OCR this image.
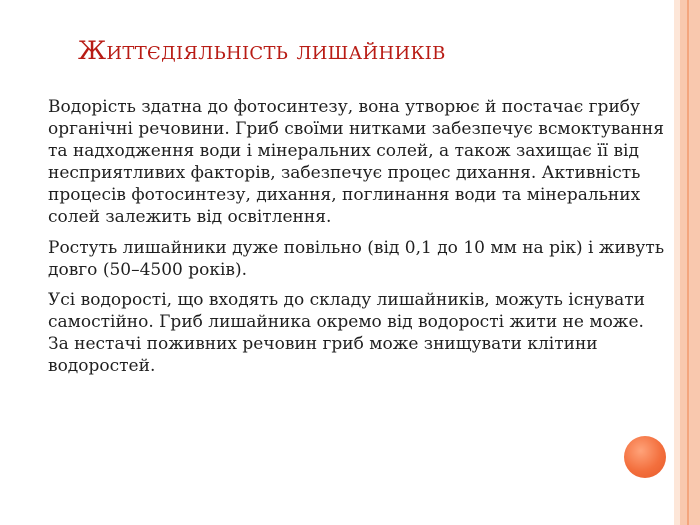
Життєдіяльність лишайників

Водорість здатна до фотосинтезу, вона утворює й постачає грибу органічні речовини. Гриб своїми нитками забезпечує всмоктування та надходження води і мінеральних солей, а також захищає її від несприятливих факторів, забезпечує процес дихання. Активність процесів фотосинтезу, дихання, поглинання води та мінеральних солей залежить від освітлення.

Ростуть лишайники дуже повільно (від 0,1 до 10 мм на рік) і живуть довго (50–4500 років).

Усі водорості, що входять до складу лишайників, можуть існувати самостійно. Гриб лишайника окремо від водорості жити не може. За нестачі поживних речовин гриб може знищувати клітини водоростей.
